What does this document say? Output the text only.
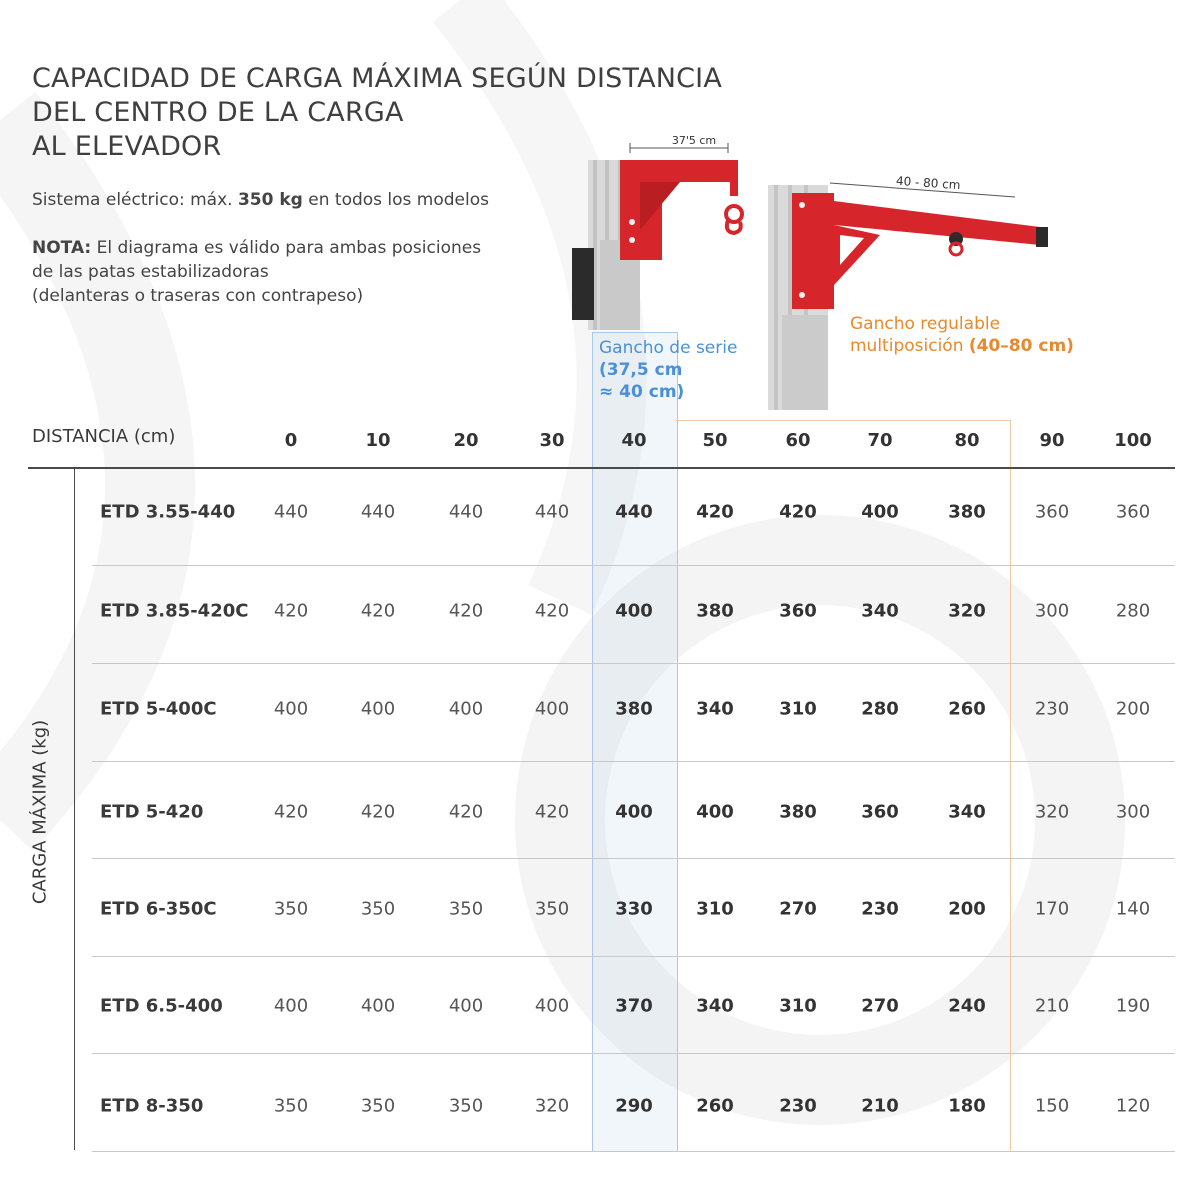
CAPACIDAD DE CARGA MÁXIMA SEGÚN DISTANCIA
DEL CENTRO DE LA CARGA
AL ELEVADOR
Sistema eléctrico: máx. 350 kg en todos los modelos
NOTA: El diagrama es válido para ambas posiciones
de las patas estabilizadoras
(delanteras o traseras con contrapeso)
37'5 cm
40 - 80 cm
Gancho de serie
(37,5 cm
≈ 40 cm)
Gancho regulable
multiposición (40–80 cm)
DISTANCIA (cm)	0	10	20	30	40	50	60	70	80	90	100
CARGA MÁXIMA (kg)
ETD 3.55-440	440	440	440	440	440	420	420	400	380	360	360
ETD 3.85-420C	420	420	420	420	400	380	360	340	320	300	280
ETD 5-400C	400	400	400	400	380	340	310	280	260	230	200
ETD 5-420	420	420	420	420	400	400	380	360	340	320	300
ETD 6-350C	350	350	350	350	330	310	270	230	200	170	140
ETD 6.5-400	400	400	400	400	370	340	310	270	240	210	190
ETD 8-350	350	350	350	320	290	260	230	210	180	150	120
